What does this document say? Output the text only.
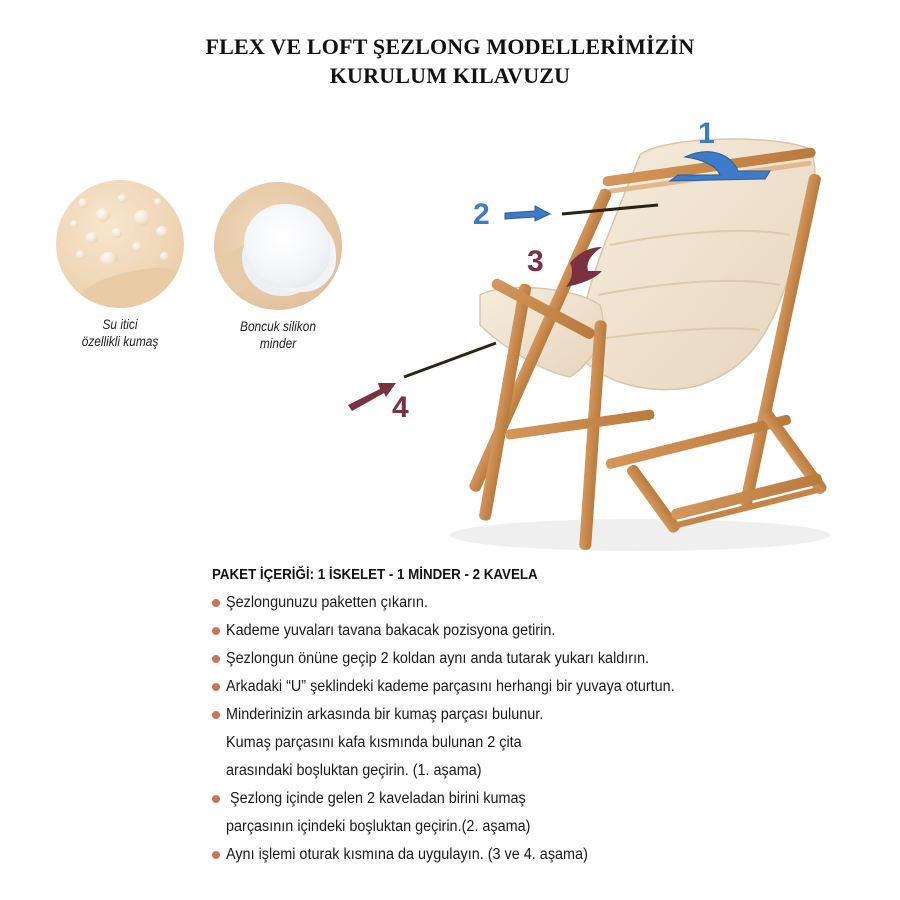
FLEX VE LOFT ŞEZLONG MODELLERİMİZİN
KURULUM KILAVUZU
Su itici
özellikli kumaş
Boncuk silikon
minder
1
2
3
4
PAKET İÇERİĞİ: 1 İSKELET - 1 MİNDER - 2 KAVELA
Şezlongunuzu paketten çıkarın.
Kademe yuvaları tavana bakacak pozisyona getirin.
Şezlongun önüne geçip 2 koldan aynı anda tutarak yukarı kaldırın.
Arkadaki “U” şeklindeki kademe parçasını herhangi bir yuvaya oturtun.
Minderinizin arkasında bir kumaş parçası bulunur.
Kumaş parçasını kafa kısmında bulunan 2 çita
arasındaki boşluktan geçirin. (1. aşama)
Şezlong içinde gelen 2 kaveladan birini kumaş
parçasının içindeki boşluktan geçirin.(2. aşama)
Aynı işlemi oturak kısmına da uygulayın. (3 ve 4. aşama)
